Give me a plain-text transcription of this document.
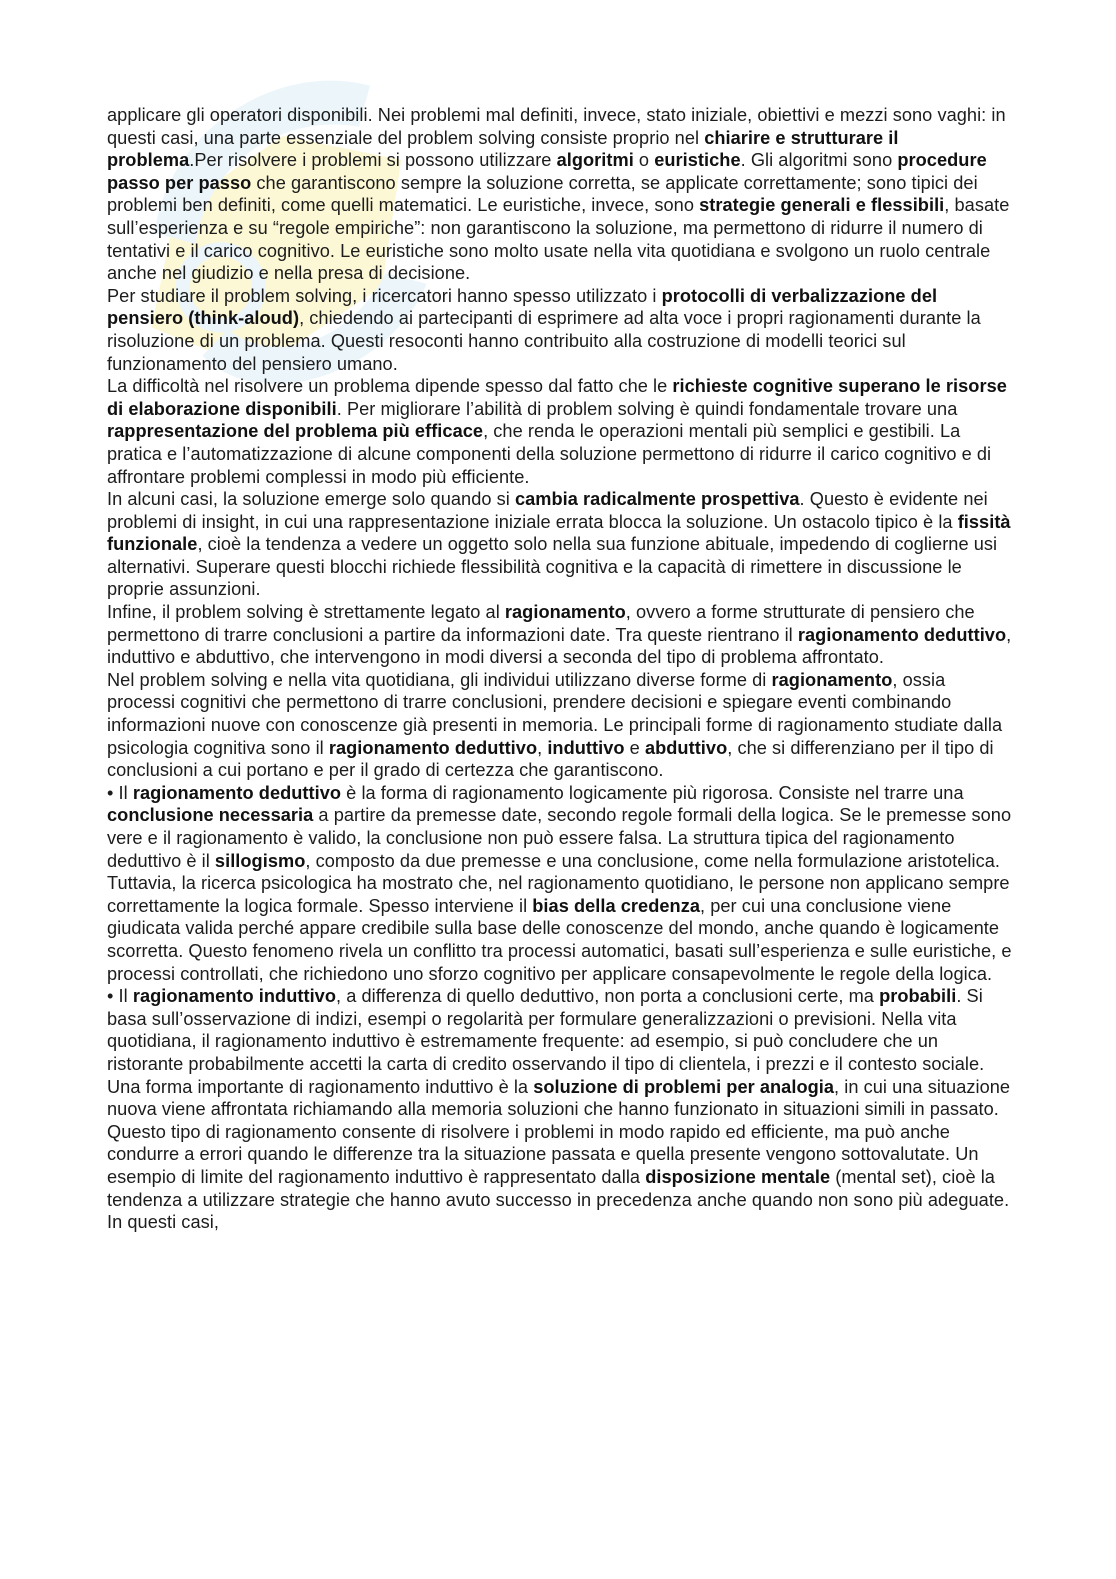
applicare gli operatori disponibili. Nei problemi mal definiti, invece, stato iniziale, obiettivi e mezzi sono vaghi: in questi casi, una parte essenziale del problem solving consiste proprio nel chiarire e strutturare il problema.Per risolvere i problemi si possono utilizzare algoritmi o euristiche. Gli algoritmi sono procedure

passo per passo che garantiscono sempre la soluzione corretta, se applicate correttamente; sono tipici dei problemi ben definiti, come quelli matematici. Le euristiche, invece, sono strategie generali e flessibili, basate sull’esperienza e su “regole empiriche”: non garantiscono la soluzione, ma permettono di ridurre il numero di tentativi e il carico cognitivo. Le euristiche sono molto usate nella vita quotidiana e svolgono un ruolo centrale anche nel giudizio e nella presa di decisione.

Per studiare il problem solving, i ricercatori hanno spesso utilizzato i protocolli di verbalizzazione del pensiero (think-aloud), chiedendo ai partecipanti di esprimere ad alta voce i propri ragionamenti durante la risoluzione di un problema. Questi resoconti hanno contribuito alla costruzione di modelli teorici sul funzionamento del pensiero umano.

La difficoltà nel risolvere un problema dipende spesso dal fatto che le richieste cognitive superano le risorse di elaborazione disponibili. Per migliorare l’abilità di problem solving è quindi fondamentale trovare una rappresentazione del problema più efficace, che renda le operazioni mentali più semplici e gestibili. La pratica e l’automatizzazione di alcune componenti della soluzione permettono di ridurre il carico cognitivo e di affrontare problemi complessi in modo più efficiente.

In alcuni casi, la soluzione emerge solo quando si cambia radicalmente prospettiva. Questo è evidente nei problemi di insight, in cui una rappresentazione iniziale errata blocca la soluzione. Un ostacolo tipico è la fissità funzionale, cioè la tendenza a vedere un oggetto solo nella sua funzione abituale, impedendo di coglierne usi alternativi. Superare questi blocchi richiede flessibilità cognitiva e la capacità di rimettere in discussione le proprie assunzioni.

Infine, il problem solving è strettamente legato al ragionamento, ovvero a forme strutturate di pensiero che permettono di trarre conclusioni a partire da informazioni date. Tra queste rientrano il ragionamento deduttivo, induttivo e abduttivo, che intervengono in modi diversi a seconda del tipo di problema affrontato.

Nel problem solving e nella vita quotidiana, gli individui utilizzano diverse forme di ragionamento, ossia processi cognitivi che permettono di trarre conclusioni, prendere decisioni e spiegare eventi combinando informazioni nuove con conoscenze già presenti in memoria. Le principali forme di ragionamento studiate dalla psicologia cognitiva sono il ragionamento deduttivo, induttivo e abduttivo, che si differenziano per il tipo di conclusioni a cui portano e per il grado di certezza che garantiscono.

• Il ragionamento deduttivo è la forma di ragionamento logicamente più rigorosa. Consiste nel trarre una conclusione necessaria a partire da premesse date, secondo regole formali della logica. Se le premesse sono vere e il ragionamento è valido, la conclusione non può essere falsa. La struttura tipica del ragionamento deduttivo è il sillogismo, composto da due premesse e una conclusione, come nella formulazione aristotelica. Tuttavia, la ricerca psicologica ha mostrato che, nel ragionamento quotidiano, le persone non applicano sempre correttamente la logica formale. Spesso interviene il bias della credenza, per cui una conclusione viene giudicata valida perché appare credibile sulla base delle conoscenze del mondo, anche quando è logicamente scorretta. Questo fenomeno rivela un conflitto tra processi automatici, basati sull’esperienza e sulle euristiche, e processi controllati, che richiedono uno sforzo cognitivo per applicare consapevolmente le regole della logica.

• Il ragionamento induttivo, a differenza di quello deduttivo, non porta a conclusioni certe, ma probabili. Si basa sull’osservazione di indizi, esempi o regolarità per formulare generalizzazioni o previsioni. Nella vita quotidiana, il ragionamento induttivo è estremamente frequente: ad esempio, si può concludere che un ristorante probabilmente accetti la carta di credito osservando il tipo di clientela, i prezzi e il contesto sociale. Una forma importante di ragionamento induttivo è la soluzione di problemi per analogia, in cui una situazione nuova viene affrontata richiamando alla memoria soluzioni che hanno funzionato in situazioni simili in passato. Questo tipo di ragionamento consente di risolvere i problemi in modo rapido ed efficiente, ma può anche condurre a errori quando le differenze tra la situazione passata e quella presente vengono sottovalutate. Un esempio di limite del ragionamento induttivo è rappresentato dalla disposizione mentale (mental set), cioè la tendenza a utilizzare strategie che hanno avuto successo in precedenza anche quando non sono più adeguate. In questi casi,
